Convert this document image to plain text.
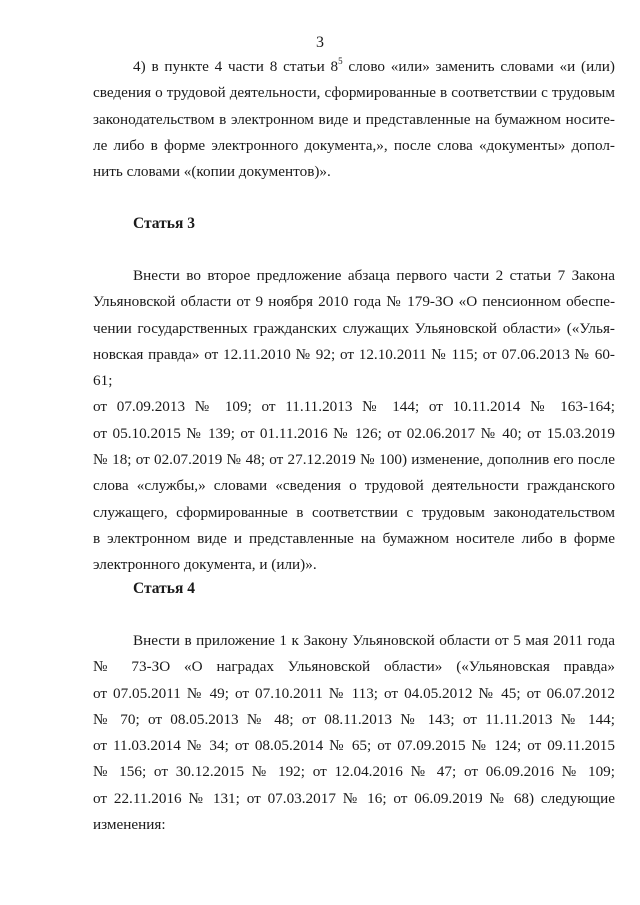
3
4) в пункте 4 части 8 статьи $8^5$ слово «или» заменить словами «и (или)
сведения о трудовой деятельности, сформированные в соответствии с трудовым
законодательством в электронном виде и представленные на бумажном носите-
ле либо в форме электронного документа,», после слова «документы» допол-
нить словами «(копии документов)».
Статья 3
Внести во второе предложение абзаца первого части 2 статьи 7 Закона
Ульяновской области от 9 ноября 2010 года № 179-ЗО «О пенсионном обеспе-
чении государственных гражданских служащих Ульяновской области» («Улья-
новская правда» от 12.11.2010 № 92; от 12.10.2011 № 115; от 07.06.2013 № 60-61;
от 07.09.2013 № 109; от 11.11.2013 № 144; от 10.11.2014 № 163-164;
от 05.10.2015 № 139; от 01.11.2016 № 126; от 02.06.2017 № 40; от 15.03.2019
№ 18; от 02.07.2019 № 48; от 27.12.2019 № 100) изменение, дополнив его после
слова «службы,» словами «сведения о трудовой деятельности гражданского
служащего, сформированные в соответствии с трудовым законодательством
в электронном виде и представленные на бумажном носителе либо в форме
электронного документа, и (или)».
Статья 4
Внести в приложение 1 к Закону Ульяновской области от 5 мая 2011 года
№ 73-ЗО «О наградах Ульяновской области» («Ульяновская правда»
от 07.05.2011 № 49; от 07.10.2011 № 113; от 04.05.2012 № 45; от 06.07.2012
№ 70; от 08.05.2013 № 48; от 08.11.2013 № 143; от 11.11.2013 № 144;
от 11.03.2014 № 34; от 08.05.2014 № 65; от 07.09.2015 № 124; от 09.11.2015
№ 156; от 30.12.2015 № 192; от 12.04.2016 № 47; от 06.09.2016 № 109;
от 22.11.2016 № 131; от 07.03.2017 № 16; от 06.09.2019 № 68) следующие
изменения:
